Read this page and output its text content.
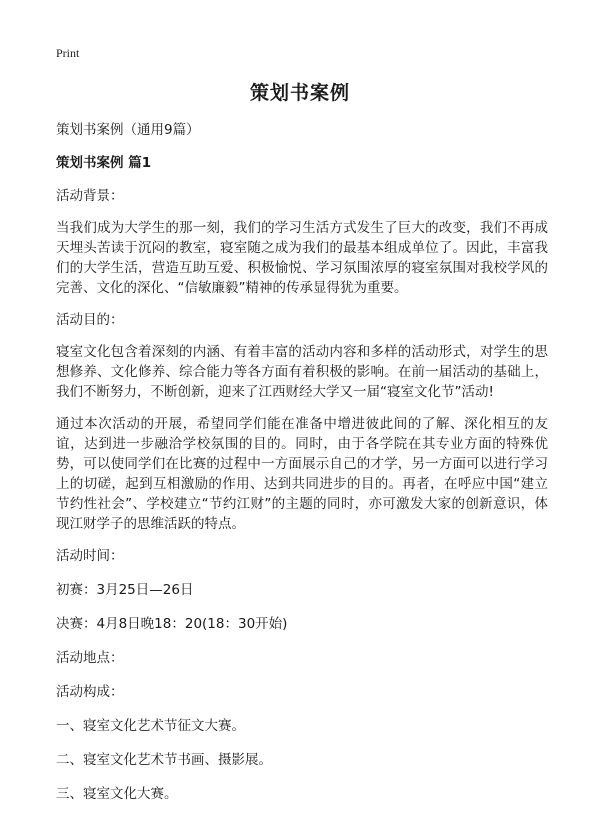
Print
策划书案例

策划书案例（通用9篇）

策划书案例 篇1

活动背景：

当我们成为大学生的那一刻，我们的学习生活方式发生了巨大的改变，我们不再成天埋头苦读于沉闷的教室，寝室随之成为我们的最基本组成单位了。因此，丰富我们的大学生活，营造互助互爱、积极愉悦、学习氛围浓厚的寝室氛围对我校学风的完善、文化的深化、“信敏廉毅”精神的传承显得犹为重要。

活动目的：

寝室文化包含着深刻的内涵、有着丰富的活动内容和多样的活动形式，对学生的思想修养、文化修养、综合能力等各方面有着积极的影响。在前一届活动的基础上，我们不断努力，不断创新，迎来了江西财经大学又一届“寝室文化节”活动!

通过本次活动的开展，希望同学们能在准备中增进彼此间的了解、深化相互的友谊，达到进一步融洽学校氛围的目的。同时，由于各学院在其专业方面的特殊优势，可以使同学们在比赛的过程中一方面展示自己的才学，另一方面可以进行学习上的切磋，起到互相激励的作用、达到共同进步的目的。再者，在呼应中国“建立节约性社会”、学校建立“节约江财”的主题的同时，亦可激发大家的创新意识，体现江财学子的思维活跃的特点。

活动时间：

初赛：3月25日—26日

决赛：4月8日晚18：20(18：30开始)

活动地点：

活动构成：

一、寝室文化艺术节征文大赛。

二、寝室文化艺术节书画、摄影展。

三、寝室文化大赛。
